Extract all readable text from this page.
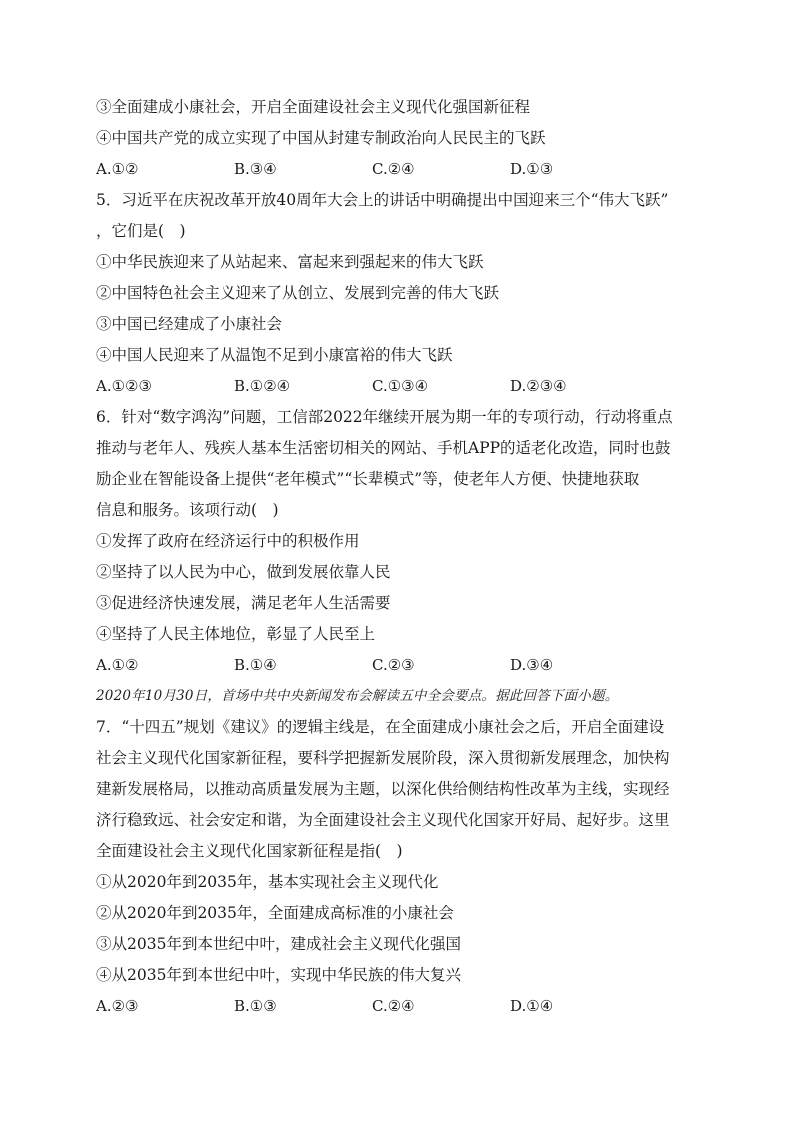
③全面建成小康社会，开启全面建设社会主义现代化强国新征程
④中国共产党的成立实现了中国从封建专制政治向人民民主的飞跃
A.①②	B.③④	C.②④	D.①③
5．习近平在庆祝改革开放40周年大会上的讲话中明确提出中国迎来三个“伟大飞跃”
，它们是(　)
①中华民族迎来了从站起来、富起来到强起来的伟大飞跃
②中国特色社会主义迎来了从创立、发展到完善的伟大飞跃
③中国已经建成了小康社会
④中国人民迎来了从温饱不足到小康富裕的伟大飞跃
A.①②③	B.①②④	C.①③④	D.②③④
6．针对“数字鸿沟”问题，工信部2022年继续开展为期一年的专项行动，行动将重点
推动与老年人、残疾人基本生活密切相关的网站、手机APP的适老化改造，同时也鼓
励企业在智能设备上提供“老年模式”“长辈模式”等，使老年人方便、快捷地获取
信息和服务。该项行动(　)
①发挥了政府在经济运行中的积极作用
②坚持了以人民为中心，做到发展依靠人民
③促进经济快速发展，满足老年人生活需要
④坚持了人民主体地位，彰显了人民至上
A.①②	B.①④	C.②③	D.③④
2020年10月30日，首场中共中央新闻发布会解读五中全会要点。据此回答下面小题。
7．“十四五”规划《建议》的逻辑主线是，在全面建成小康社会之后，开启全面建设
社会主义现代化国家新征程，要科学把握新发展阶段，深入贯彻新发展理念，加快构
建新发展格局，以推动高质量发展为主题，以深化供给侧结构性改革为主线，实现经
济行稳致远、社会安定和谐，为全面建设社会主义现代化国家开好局、起好步。这里
全面建设社会主义现代化国家新征程是指(　)
①从2020年到2035年，基本实现社会主义现代化
②从2020年到2035年，全面建成高标准的小康社会
③从2035年到本世纪中叶，建成社会主义现代化强国
④从2035年到本世纪中叶，实现中华民族的伟大复兴
A.②③	B.①③	C.②④	D.①④
